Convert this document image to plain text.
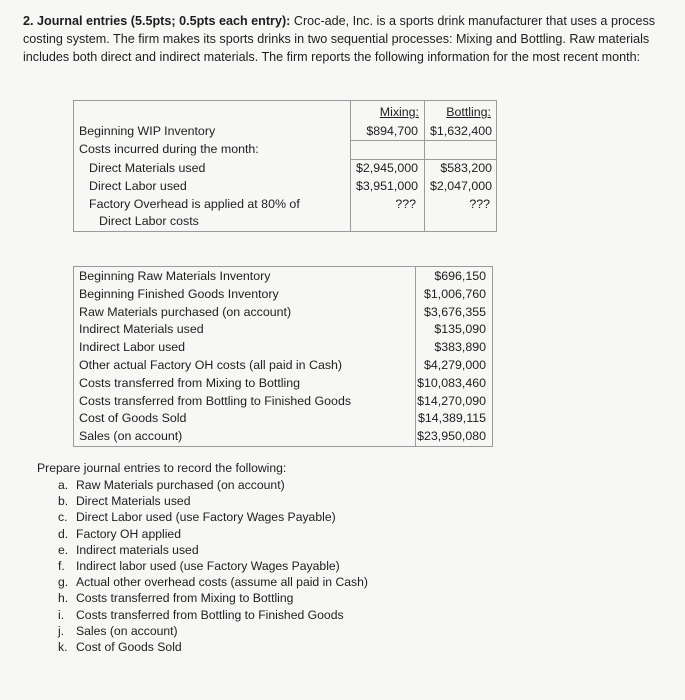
2. Journal entries (5.5pts; 0.5pts each entry): Croc-ade, Inc. is a sports drink manufacturer that uses a process costing system. The firm makes its sports drinks in two sequential processes: Mixing and Bottling. Raw materials includes both direct and indirect materials. The firm reports the following information for the most recent month:
Mixing:	Bottling:
Beginning WIP Inventory	$894,700 $1,632,400
Costs incurred during the month:
Direct Materials used	$2,945,000	$583,200
Direct Labor used	$3,951,000 $2,047,000
Factory Overhead is applied at 80% of	???	???
Direct Labor costs
Beginning Raw Materials Inventory	$696,150
Beginning Finished Goods Inventory	$1,006,760
Raw Materials purchased (on account)	$3,676,355
Indirect Materials used	$135,090
Indirect Labor used	$383,890
Other actual Factory OH costs (all paid in Cash)	$4,279,000
Costs transferred from Mixing to Bottling	$10,083,460
Costs transferred from Bottling to Finished Goods	$14,270,090
Cost of Goods Sold	$14,389,115
Sales (on account)	$23,950,080
Prepare journal entries to record the following:
a. Raw Materials purchased (on account)
b. Direct Materials used
c. Direct Labor used (use Factory Wages Payable)
d. Factory OH applied
e. Indirect materials used
f. Indirect labor used (use Factory Wages Payable)
g. Actual other overhead costs (assume all paid in Cash)
h. Costs transferred from Mixing to Bottling
i. Costs transferred from Bottling to Finished Goods
j. Sales (on account)
k. Cost of Goods Sold
